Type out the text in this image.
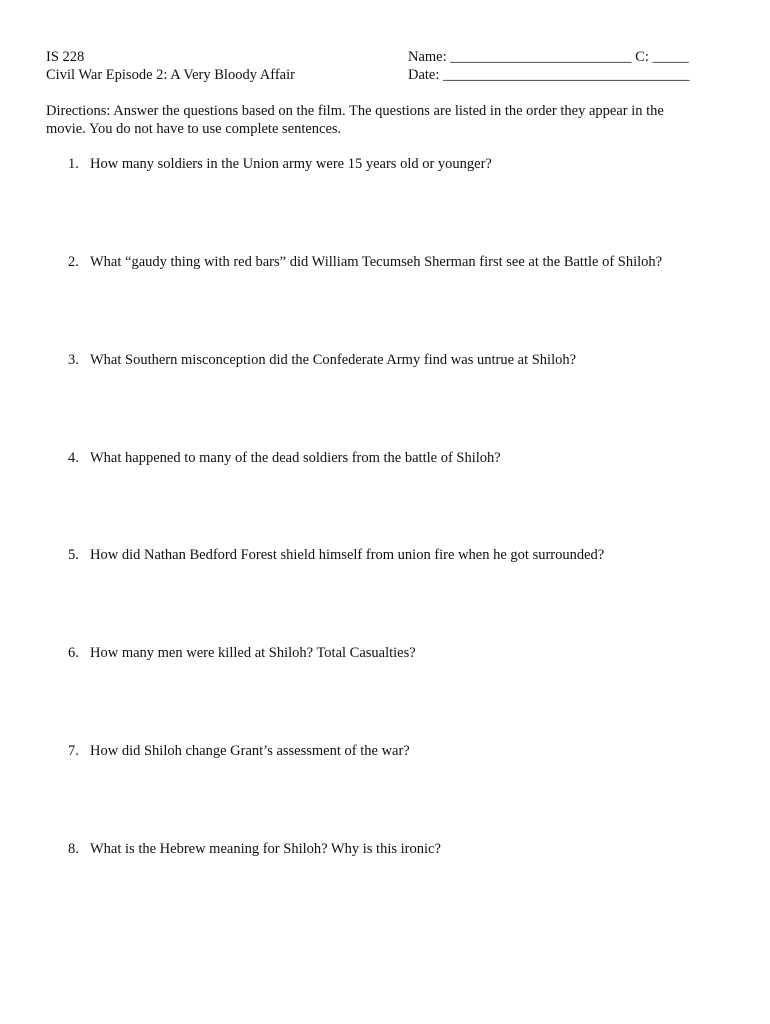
IS 228
Civil War Episode 2: A Very Bloody Affair
Name: _________________________ C: _____
Date: __________________________________
Directions: Answer the questions based on the film. The questions are listed in the order they appear in the movie. You do not have to use complete sentences.
1. How many soldiers in the Union army were 15 years old or younger?
2. What “gaudy thing with red bars” did William Tecumseh Sherman first see at the Battle of Shiloh?
3. What Southern misconception did the Confederate Army find was untrue at Shiloh?
4. What happened to many of the dead soldiers from the battle of Shiloh?
5. How did Nathan Bedford Forest shield himself from union fire when he got surrounded?
6. How many men were killed at Shiloh? Total Casualties?
7. How did Shiloh change Grant’s assessment of the war?
8. What is the Hebrew meaning for Shiloh? Why is this ironic?
